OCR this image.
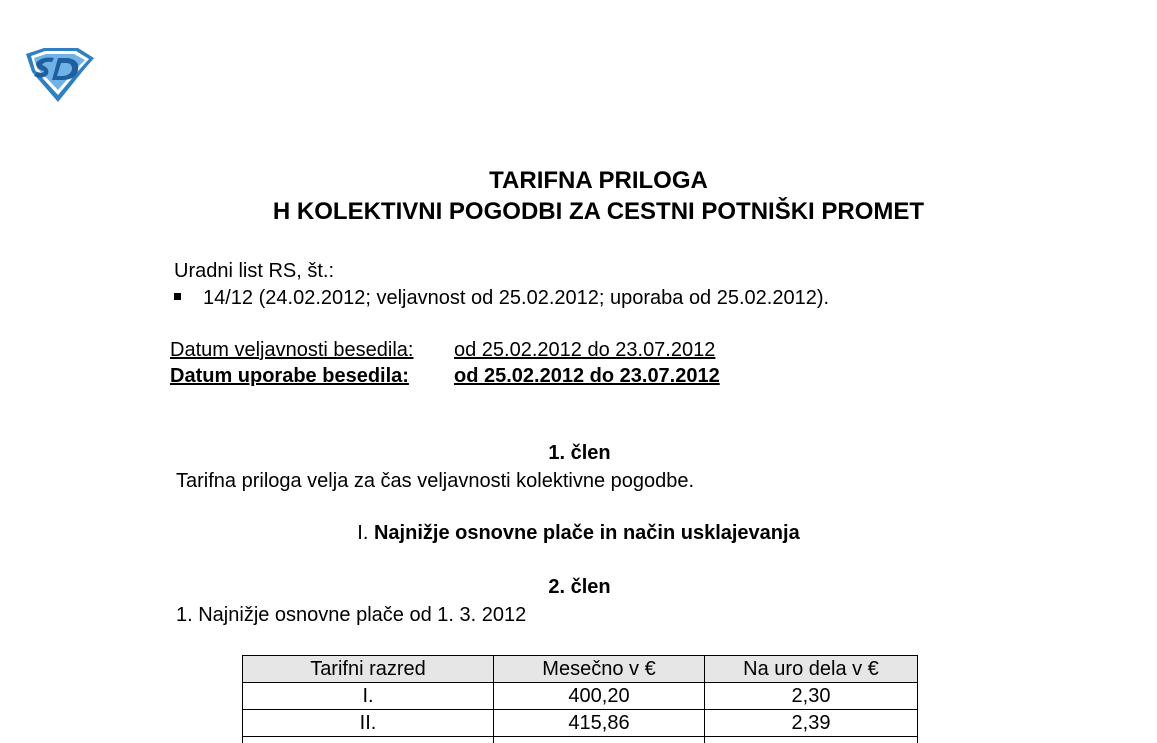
TARIFNA PRILOGA
H KOLEKTIVNI POGODBI ZA CESTNI POTNIŠKI PROMET
Uradni list RS, št.:
14/12 (24.02.2012; veljavnost od 25.02.2012; uporaba od 25.02.2012).
Datum veljavnosti besedila: od 25.02.2012 do 23.07.2012
Datum uporabe besedila: od 25.02.2012 do 23.07.2012
1. člen
Tarifna priloga velja za čas veljavnosti kolektivne pogodbe.
I. Najnižje osnovne plače in način usklajevanja
2. člen
1. Najnižje osnovne plače od 1. 3. 2012
Tarifni razred	Mesečno v €	Na uro dela v €
I.	400,20	2,30
II.	415,86	2,39
